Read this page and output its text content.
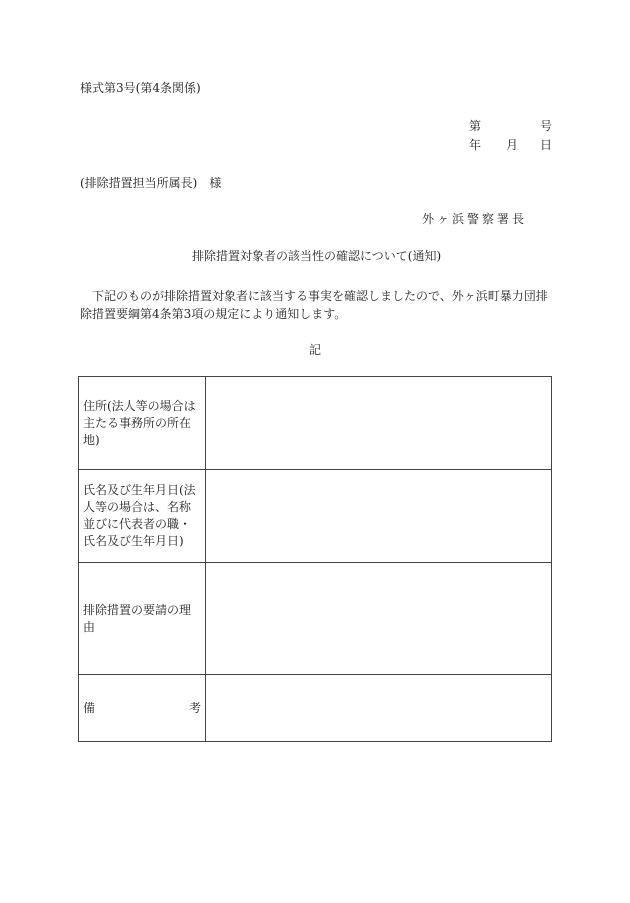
様式第3号(第4条関係)
第	号
年 月 日
(排除措置担当所属長)　様
外ヶ浜警察署長
排除措置対象者の該当性の確認について(通知)
　下記のものが排除措置対象者に該当する事実を確認しましたので、外ヶ浜町暴力団排除措置要綱第4条第3項の規定により通知します。
記
住所(法人等の場合は主たる事務所の所在地)	
氏名及び生年月日(法人等の場合は、名称並びに代表者の職・氏名及び生年月日)	
排除措置の要請の理由	

備 考	
